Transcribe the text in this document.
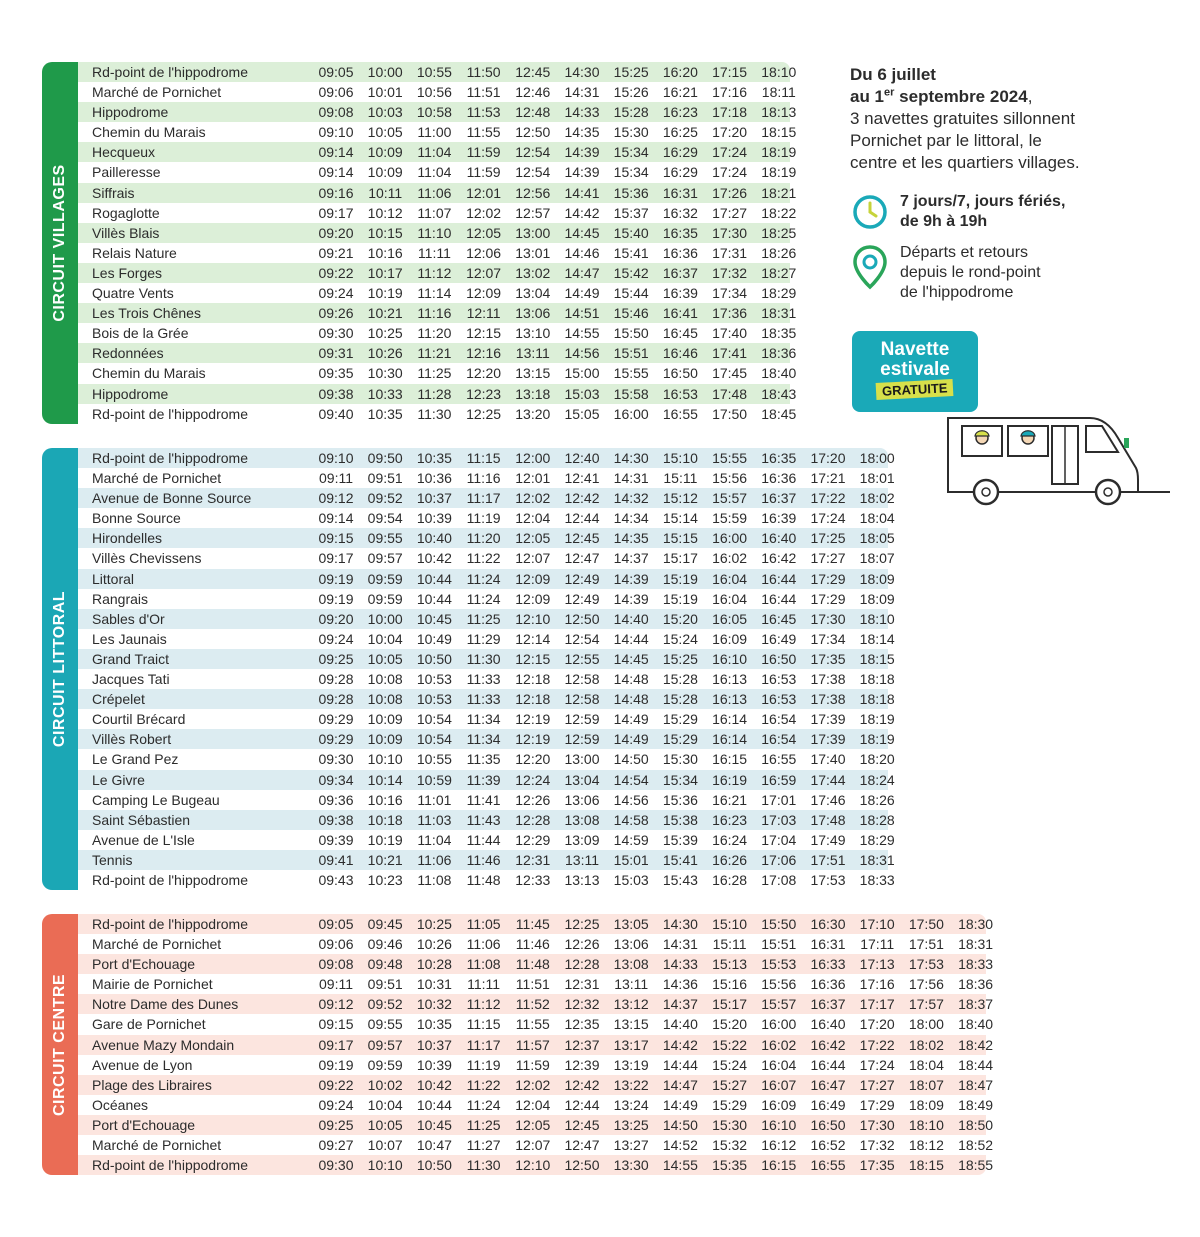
CIRCUIT VILLAGES
Rd-point de l'hippodrome	09:05	10:00	10:55	11:50	12:45	14:30	15:25	16:20	17:15	18:10
Marché de Pornichet	09:06	10:01	10:56	11:51	12:46	14:31	15:26	16:21	17:16	18:11
Hippodrome	09:08	10:03	10:58	11:53	12:48	14:33	15:28	16:23	17:18	18:13
Chemin du Marais	09:10	10:05	11:00	11:55	12:50	14:35	15:30	16:25	17:20	18:15
Hecqueux	09:14	10:09	11:04	11:59	12:54	14:39	15:34	16:29	17:24	18:19
Pailleresse	09:14	10:09	11:04	11:59	12:54	14:39	15:34	16:29	17:24	18:19
Siffrais	09:16	10:11	11:06	12:01	12:56	14:41	15:36	16:31	17:26	18:21
Rogaglotte	09:17	10:12	11:07	12:02	12:57	14:42	15:37	16:32	17:27	18:22
Villès Blais	09:20	10:15	11:10	12:05	13:00	14:45	15:40	16:35	17:30	18:25
Relais Nature	09:21	10:16	11:11	12:06	13:01	14:46	15:41	16:36	17:31	18:26
Les Forges	09:22	10:17	11:12	12:07	13:02	14:47	15:42	16:37	17:32	18:27
Quatre Vents	09:24	10:19	11:14	12:09	13:04	14:49	15:44	16:39	17:34	18:29
Les Trois Chênes	09:26	10:21	11:16	12:11	13:06	14:51	15:46	16:41	17:36	18:31
Bois de la Grée	09:30	10:25	11:20	12:15	13:10	14:55	15:50	16:45	17:40	18:35
Redonnées	09:31	10:26	11:21	12:16	13:11	14:56	15:51	16:46	17:41	18:36
Chemin du Marais	09:35	10:30	11:25	12:20	13:15	15:00	15:55	16:50	17:45	18:40
Hippodrome	09:38	10:33	11:28	12:23	13:18	15:03	15:58	16:53	17:48	18:43
Rd-point de l'hippodrome	09:40	10:35	11:30	12:25	13:20	15:05	16:00	16:55	17:50	18:45
CIRCUIT LITTORAL
Rd-point de l'hippodrome	09:10	09:50	10:35	11:15	12:00	12:40	14:30	15:10	15:55	16:35	17:20	18:00
Marché de Pornichet	09:11	09:51	10:36	11:16	12:01	12:41	14:31	15:11	15:56	16:36	17:21	18:01
Avenue de Bonne Source	09:12	09:52	10:37	11:17	12:02	12:42	14:32	15:12	15:57	16:37	17:22	18:02
Bonne Source	09:14	09:54	10:39	11:19	12:04	12:44	14:34	15:14	15:59	16:39	17:24	18:04
Hirondelles	09:15	09:55	10:40	11:20	12:05	12:45	14:35	15:15	16:00	16:40	17:25	18:05
Villès Chevissens	09:17	09:57	10:42	11:22	12:07	12:47	14:37	15:17	16:02	16:42	17:27	18:07
Littoral	09:19	09:59	10:44	11:24	12:09	12:49	14:39	15:19	16:04	16:44	17:29	18:09
Rangrais	09:19	09:59	10:44	11:24	12:09	12:49	14:39	15:19	16:04	16:44	17:29	18:09
Sables d'Or	09:20	10:00	10:45	11:25	12:10	12:50	14:40	15:20	16:05	16:45	17:30	18:10
Les Jaunais	09:24	10:04	10:49	11:29	12:14	12:54	14:44	15:24	16:09	16:49	17:34	18:14
Grand Traict	09:25	10:05	10:50	11:30	12:15	12:55	14:45	15:25	16:10	16:50	17:35	18:15
Jacques Tati	09:28	10:08	10:53	11:33	12:18	12:58	14:48	15:28	16:13	16:53	17:38	18:18
Crépelet	09:28	10:08	10:53	11:33	12:18	12:58	14:48	15:28	16:13	16:53	17:38	18:18
Courtil Brécard	09:29	10:09	10:54	11:34	12:19	12:59	14:49	15:29	16:14	16:54	17:39	18:19
Villès Robert	09:29	10:09	10:54	11:34	12:19	12:59	14:49	15:29	16:14	16:54	17:39	18:19
Le Grand Pez	09:30	10:10	10:55	11:35	12:20	13:00	14:50	15:30	16:15	16:55	17:40	18:20
Le Givre	09:34	10:14	10:59	11:39	12:24	13:04	14:54	15:34	16:19	16:59	17:44	18:24
Camping Le Bugeau	09:36	10:16	11:01	11:41	12:26	13:06	14:56	15:36	16:21	17:01	17:46	18:26
Saint Sébastien	09:38	10:18	11:03	11:43	12:28	13:08	14:58	15:38	16:23	17:03	17:48	18:28
Avenue de L'Isle	09:39	10:19	11:04	11:44	12:29	13:09	14:59	15:39	16:24	17:04	17:49	18:29
Tennis	09:41	10:21	11:06	11:46	12:31	13:11	15:01	15:41	16:26	17:06	17:51	18:31
Rd-point de l'hippodrome	09:43	10:23	11:08	11:48	12:33	13:13	15:03	15:43	16:28	17:08	17:53	18:33
CIRCUIT CENTRE
Rd-point de l'hippodrome	09:05	09:45	10:25	11:05	11:45	12:25	13:05	14:30	15:10	15:50	16:30	17:10	17:50	18:30
Marché de Pornichet	09:06	09:46	10:26	11:06	11:46	12:26	13:06	14:31	15:11	15:51	16:31	17:11	17:51	18:31
Port d'Echouage	09:08	09:48	10:28	11:08	11:48	12:28	13:08	14:33	15:13	15:53	16:33	17:13	17:53	18:33
Mairie de Pornichet	09:11	09:51	10:31	11:11	11:51	12:31	13:11	14:36	15:16	15:56	16:36	17:16	17:56	18:36
Notre Dame des Dunes	09:12	09:52	10:32	11:12	11:52	12:32	13:12	14:37	15:17	15:57	16:37	17:17	17:57	18:37
Gare de Pornichet	09:15	09:55	10:35	11:15	11:55	12:35	13:15	14:40	15:20	16:00	16:40	17:20	18:00	18:40
Avenue Mazy Mondain	09:17	09:57	10:37	11:17	11:57	12:37	13:17	14:42	15:22	16:02	16:42	17:22	18:02	18:42
Avenue de Lyon	09:19	09:59	10:39	11:19	11:59	12:39	13:19	14:44	15:24	16:04	16:44	17:24	18:04	18:44
Plage des Libraires	09:22	10:02	10:42	11:22	12:02	12:42	13:22	14:47	15:27	16:07	16:47	17:27	18:07	18:47
Océanes	09:24	10:04	10:44	11:24	12:04	12:44	13:24	14:49	15:29	16:09	16:49	17:29	18:09	18:49
Port d'Echouage	09:25	10:05	10:45	11:25	12:05	12:45	13:25	14:50	15:30	16:10	16:50	17:30	18:10	18:50
Marché de Pornichet	09:27	10:07	10:47	11:27	12:07	12:47	13:27	14:52	15:32	16:12	16:52	17:32	18:12	18:52
Rd-point de l'hippodrome	09:30	10:10	10:50	11:30	12:10	12:50	13:30	14:55	15:35	16:15	16:55	17:35	18:15	18:55
Du 6 juillet
au 1er septembre 2024,
3 navettes gratuites sillonnent
Pornichet par le littoral, le
centre et les quartiers villages.
7 jours/7, jours fériés,
de 9h à 19h
Départs et retours
depuis le rond-point
de l'hippodrome
Navette
estivale
GRATUITE
